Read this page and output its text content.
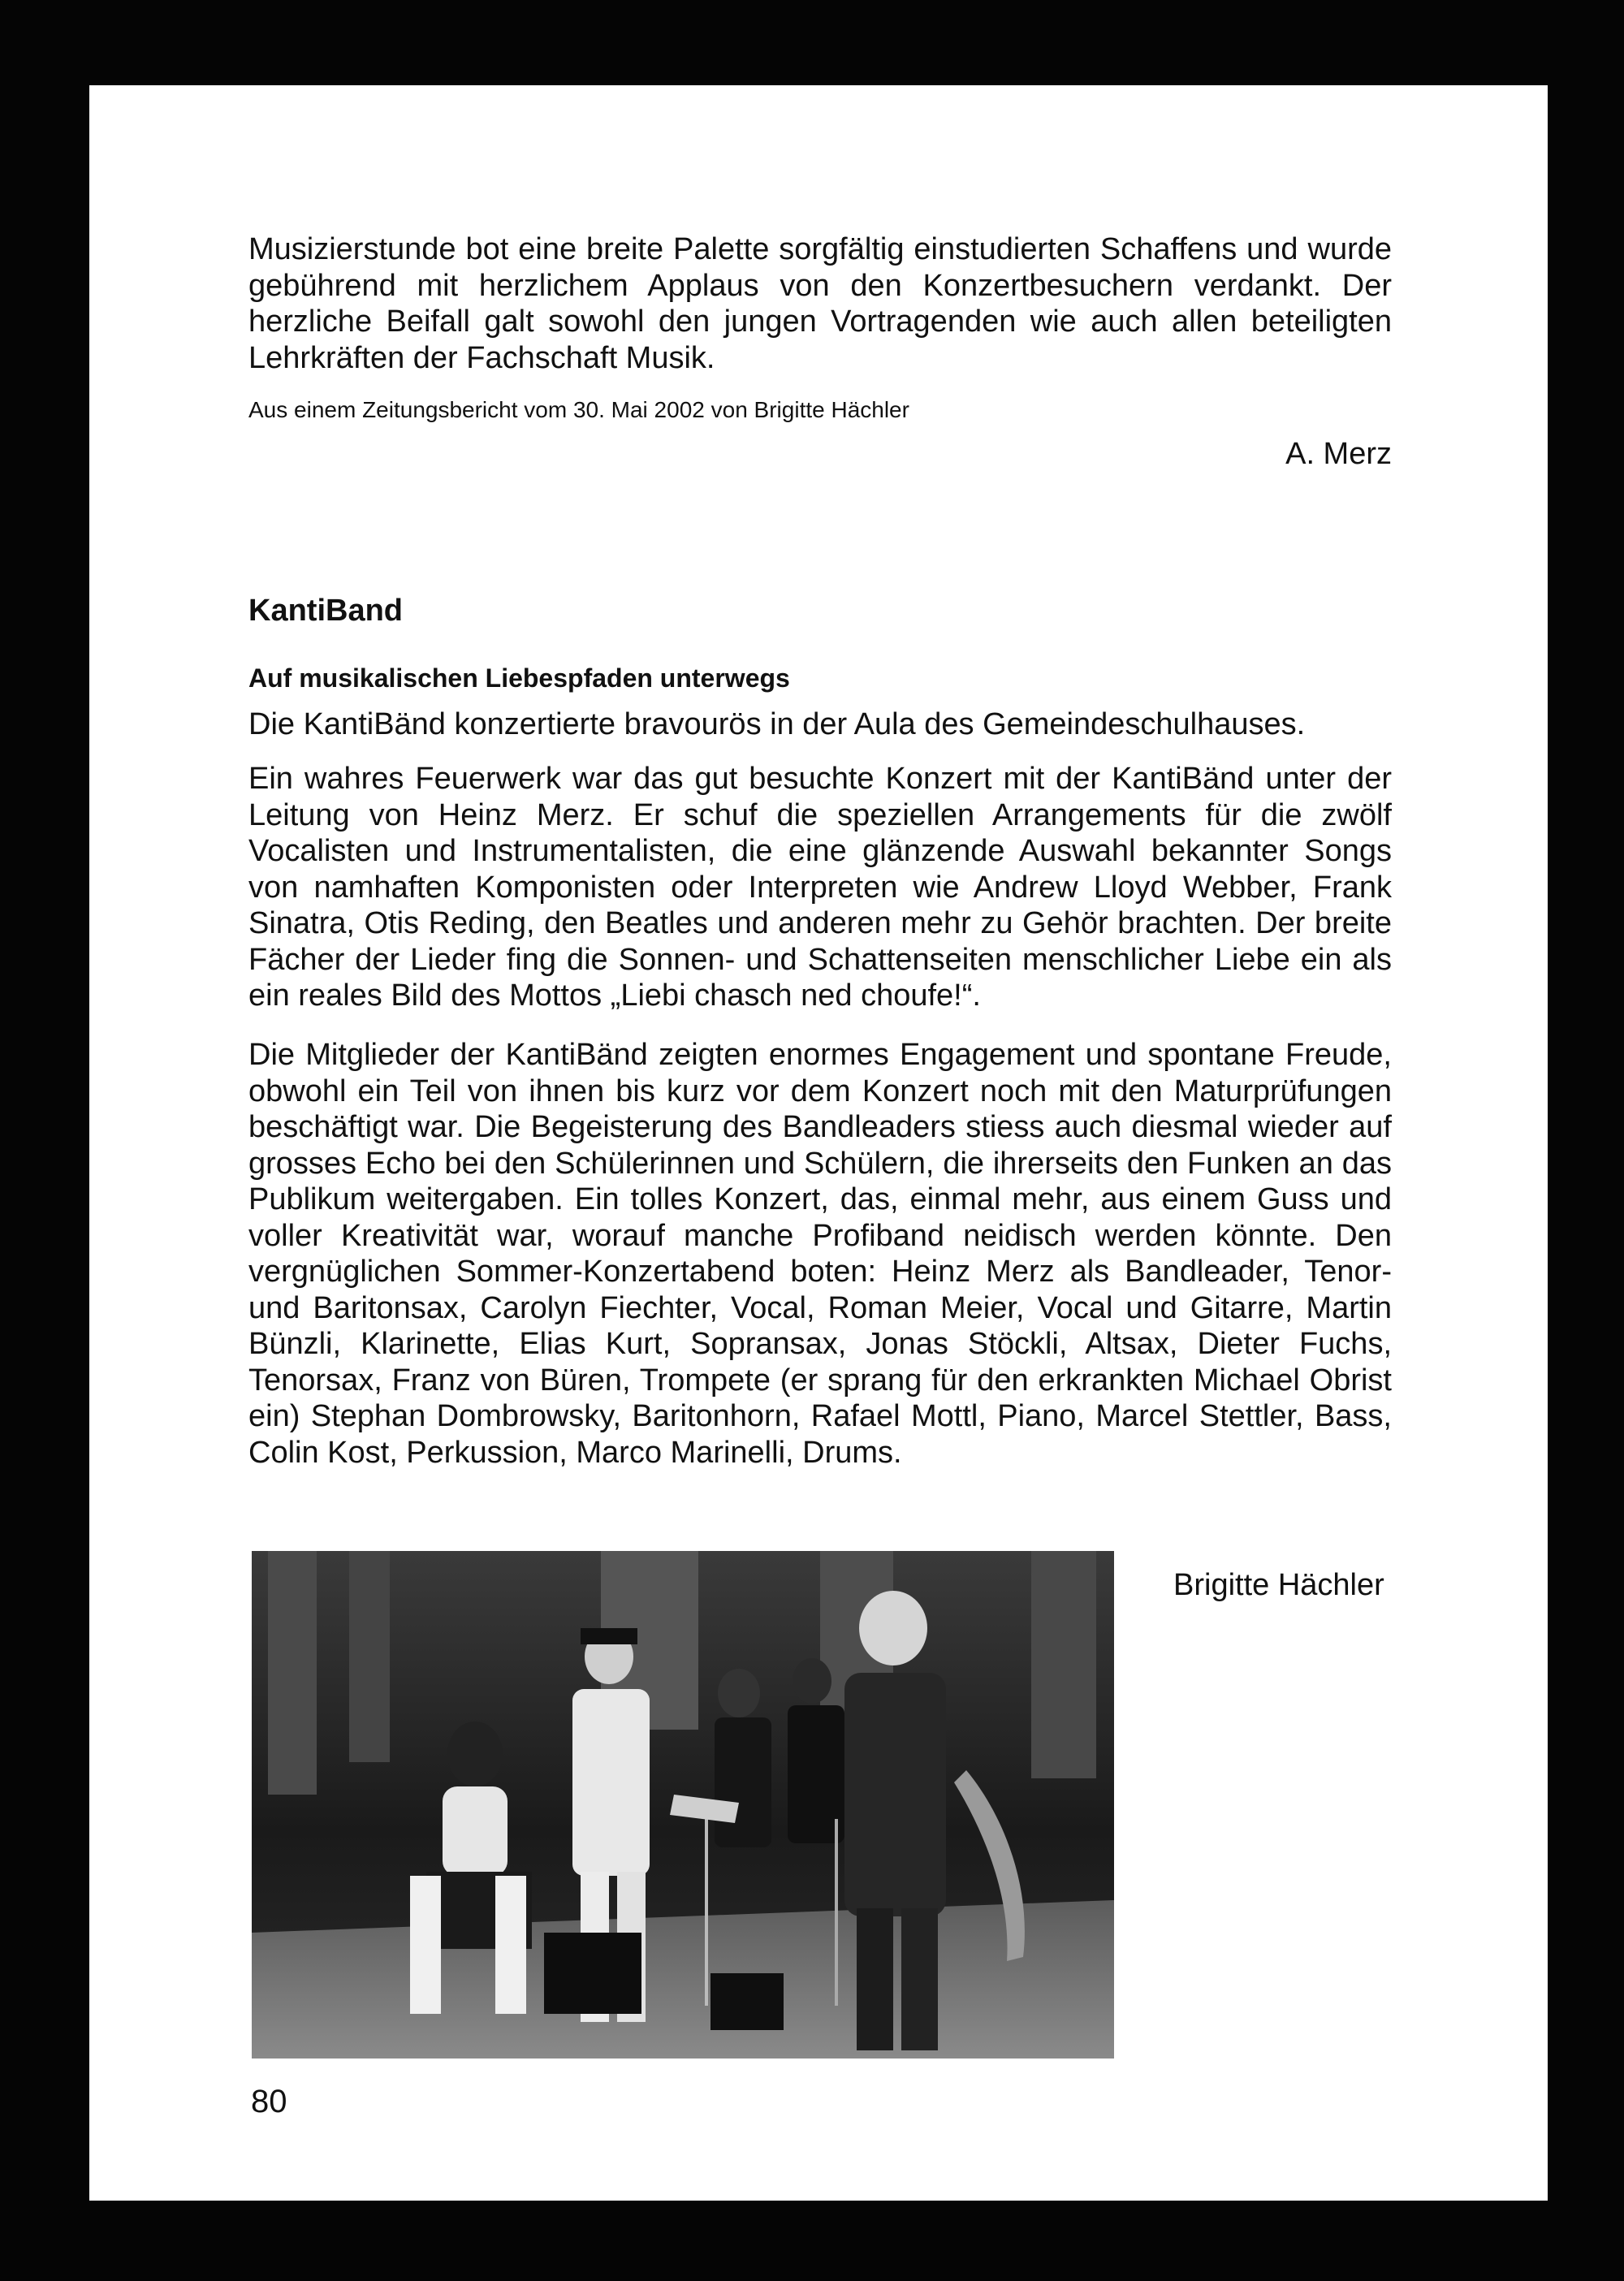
Musizierstunde bot eine breite Palette sorgfältig einstudierten Schaffens und wurde gebührend mit herzlichem Applaus von den Konzertbesuchern verdankt. Der herzliche Beifall galt sowohl den jungen Vortragenden wie auch allen beteiligten Lehrkräften der Fachschaft Musik.

Aus einem Zeitungsbericht vom 30. Mai 2002 von Brigitte Hächler
A. Merz
KantiBand
Auf musikalischen Liebespfaden unterwegs
Die KantiBänd konzertierte bravourös in der Aula des Gemeindeschulhauses.

Ein wahres Feuerwerk war das gut besuchte Konzert mit der KantiBänd unter der Leitung von Heinz Merz. Er schuf die speziellen Arrangements für die zwölf Vocalisten und Instrumentalisten, die eine glänzende Auswahl bekannter Songs von namhaften Komponisten oder Interpreten wie Andrew Lloyd Webber, Frank Sinatra, Otis Reding, den Beatles und anderen mehr zu Gehör brachten. Der breite Fächer der Lieder fing die Sonnen- und Schattenseiten menschlicher Liebe ein als ein reales Bild des Mottos „Liebi chasch ned choufe!“.

Die Mitglieder der KantiBänd zeigten enormes Engagement und spontane Freude, obwohl ein Teil von ihnen bis kurz vor dem Konzert noch mit den Maturprüfungen beschäftigt war. Die Begeisterung des Bandleaders stiess auch diesmal wieder auf grosses Echo bei den Schülerinnen und Schülern, die ihrerseits den Funken an das Publikum weitergaben. Ein tolles Konzert, das, einmal mehr, aus einem Guss und voller Kreativität war, worauf manche Profiband neidisch werden könnte. Den vergnüglichen Sommer-Konzertabend boten: Heinz Merz als Bandleader, Tenor- und Baritonsax, Carolyn Fiechter, Vocal, Roman Meier, Vocal und Gitarre, Martin Bünzli, Klarinette, Elias Kurt, Sopransax, Jonas Stöckli, Altsax, Dieter Fuchs, Tenorsax, Franz von Büren, Trompete (er sprang für den erkrankten Michael Obrist ein) Stephan Dombrowsky, Baritonhorn, Rafael Mottl, Piano, Marcel Stettler, Bass, Colin Kost, Perkussion, Marco Marinelli, Drums.

Brigitte Hächler
80
